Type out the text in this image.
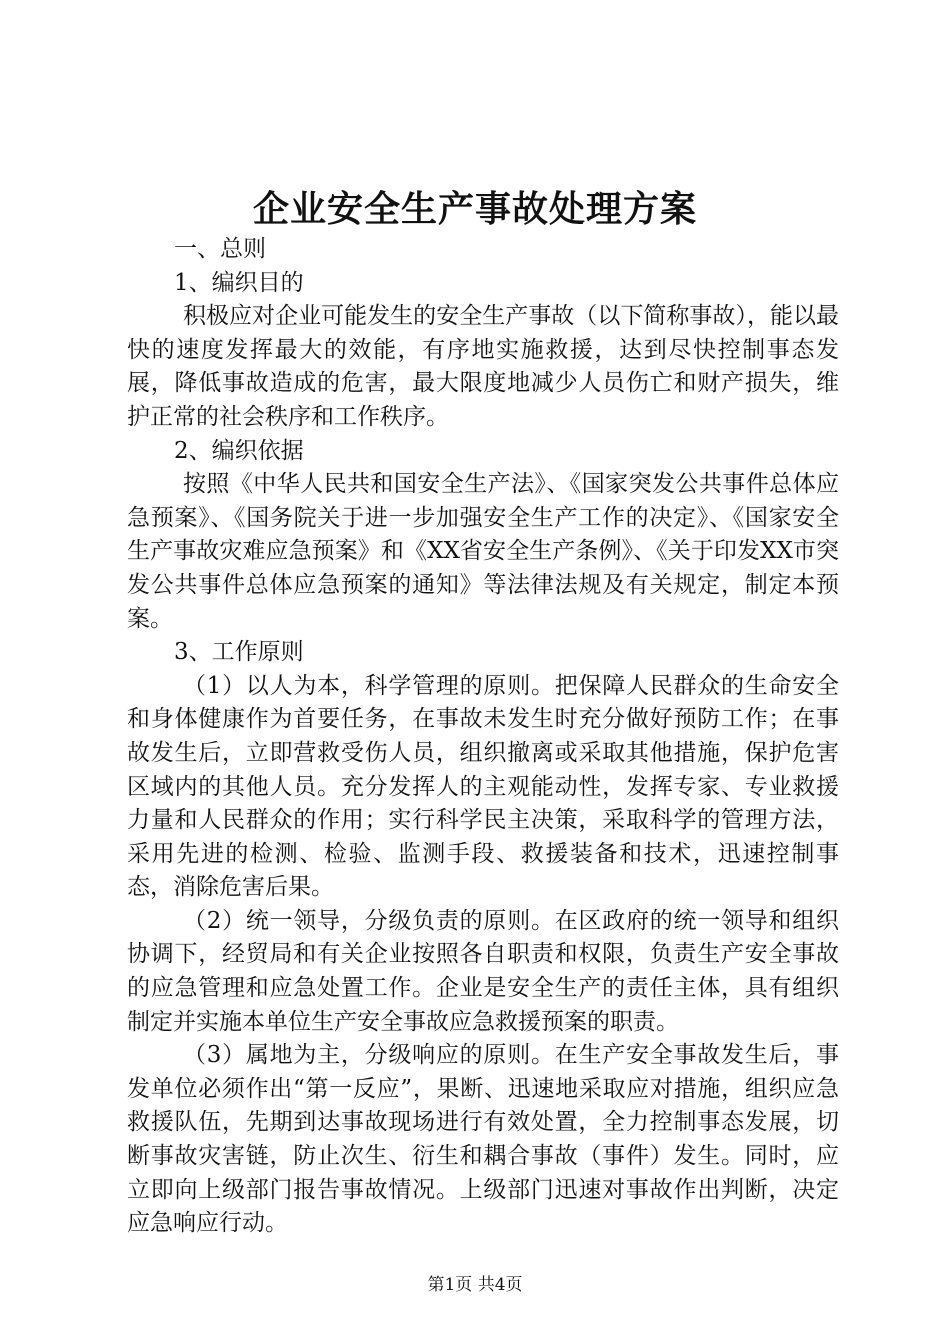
企业安全生产事故处理方案

一、总则

1、编织目的

积极应对企业可能发生的安全生产事故（以下简称事故），能以最快的速度发挥最大的效能，有序地实施救援，达到尽快控制事态发展，降低事故造成的危害，最大限度地减少人员伤亡和财产损失，维护正常的社会秩序和工作秩序。

2、编织依据

按照《中华人民共和国安全生产法》、《国家突发公共事件总体应急预案》、《国务院关于进一步加强安全生产工作的决定》、《国家安全生产事故灾难应急预案》和《XX省安全生产条例》、《关于印发XX市突发公共事件总体应急预案的通知》等法律法规及有关规定，制定本预案。

3、工作原则

（1）以人为本，科学管理的原则。把保障人民群众的生命安全和身体健康作为首要任务，在事故未发生时充分做好预防工作；在事故发生后，立即营救受伤人员，组织撤离或采取其他措施，保护危害区域内的其他人员。充分发挥人的主观能动性，发挥专家、专业救援力量和人民群众的作用；实行科学民主决策，采取科学的管理方法，采用先进的检测、检验、监测手段、救援装备和技术，迅速控制事态，消除危害后果。

（2）统一领导，分级负责的原则。在区政府的统一领导和组织协调下，经贸局和有关企业按照各自职责和权限，负责生产安全事故的应急管理和应急处置工作。企业是安全生产的责任主体，具有组织制定并实施本单位生产安全事故应急救援预案的职责。

（3）属地为主，分级响应的原则。在生产安全事故发生后，事发单位必须作出“第一反应”，果断、迅速地采取应对措施，组织应急救援队伍，先期到达事故现场进行有效处置，全力控制事态发展，切断事故灾害链，防止次生、衍生和耦合事故（事件）发生。同时，应立即向上级部门报告事故情况。上级部门迅速对事故作出判断，决定应急响应行动。

第1页 共4页
